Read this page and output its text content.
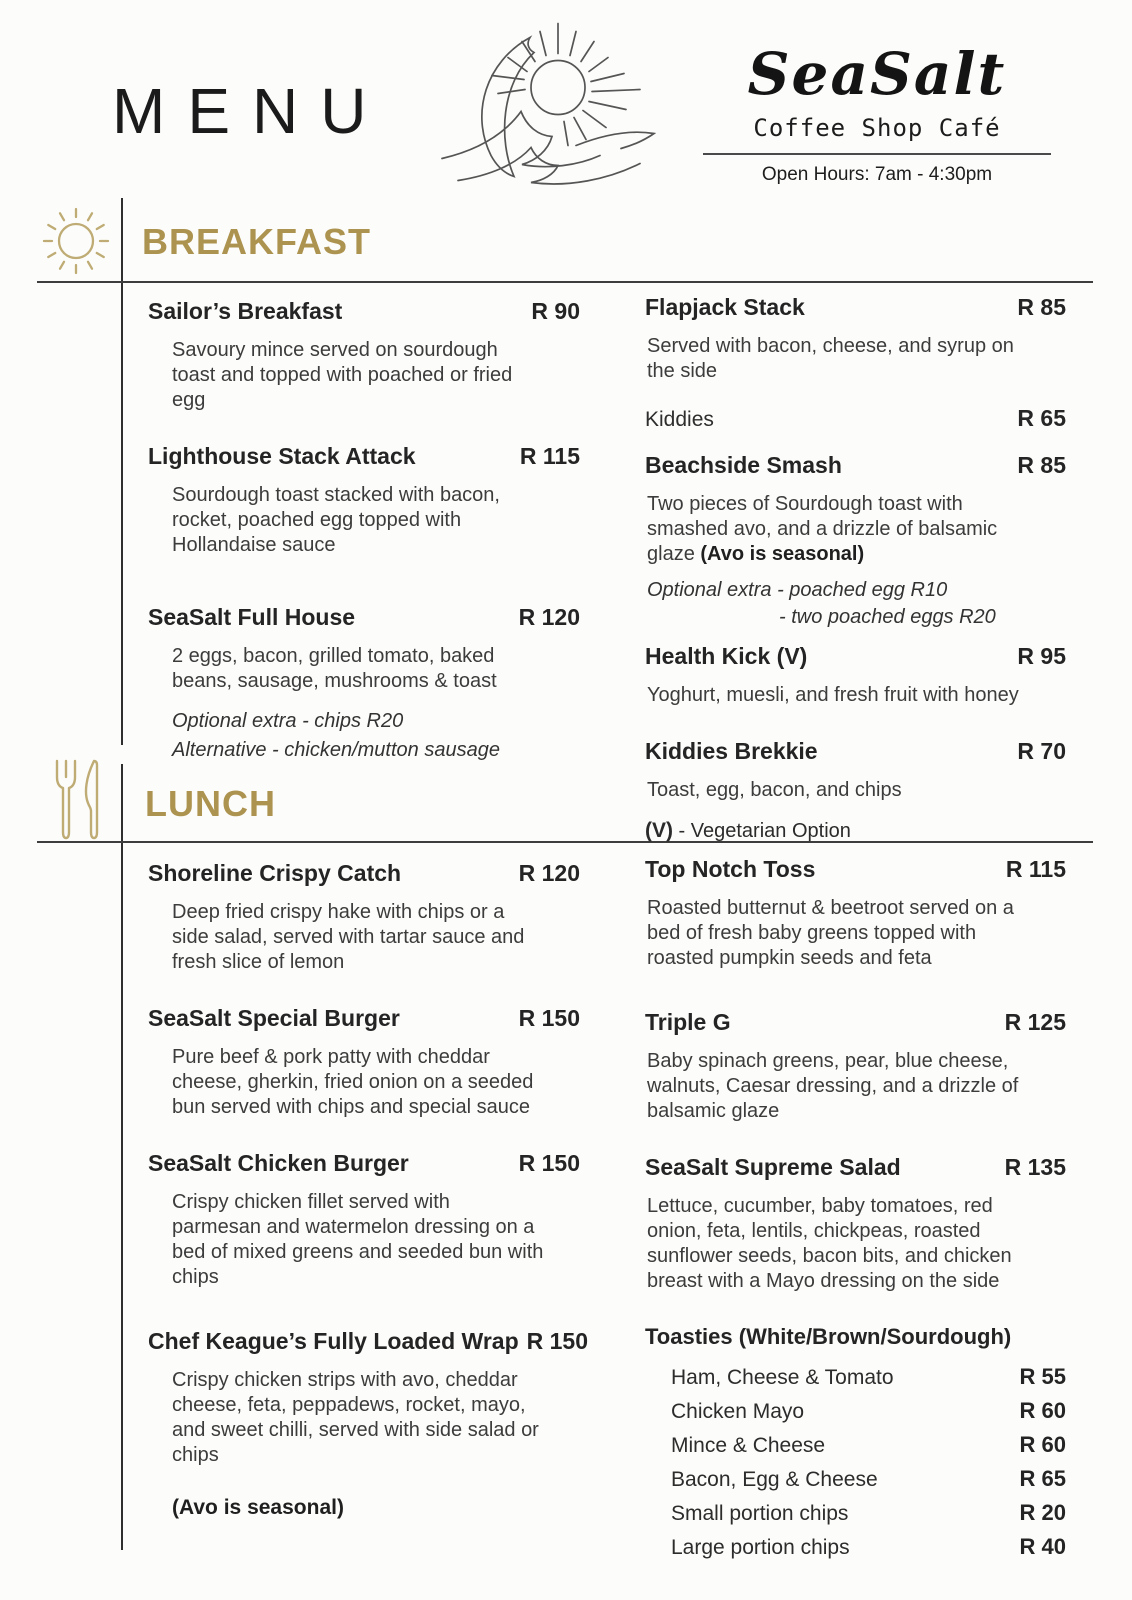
MENU
SeaSalt
Coffee Shop Café
Open Hours: 7am - 4:30pm
BREAKFAST
LUNCH
Sailor’s Breakfast	R 90

Savoury mince served on sourdough toast and topped with poached or fried egg

Lighthouse Stack Attack	R 115

Sourdough toast stacked with bacon, rocket, poached egg topped with Hollandaise sauce

SeaSalt Full House	R 120

2 eggs, bacon, grilled tomato, baked beans, sausage, mushrooms & toast

Optional extra - chips R20

Alternative - chicken/mutton sausage

Flapjack Stack	R 85

Served with bacon, cheese, and syrup on the side

Kiddies	R 65
Beachside Smash	R 85

Two pieces of Sourdough toast with smashed avo, and a drizzle of balsamic glaze (Avo is seasonal)

Optional extra - poached egg R10

- two poached eggs R20

Health Kick (V)	R 95

Yoghurt, muesli, and fresh fruit with honey

Kiddies Brekkie	R 70

Toast, egg, bacon, and chips

(V) - Vegetarian Option

Shoreline Crispy Catch	R 120

Deep fried crispy hake with chips or a side salad, served with tartar sauce and fresh slice of lemon

SeaSalt Special Burger	R 150

Pure beef & pork patty with cheddar cheese, gherkin, fried onion on a seeded bun served with chips and special sauce

SeaSalt Chicken Burger	R 150

Crispy chicken fillet served with parmesan and watermelon dressing on a bed of mixed greens and seeded bun with chips

Chef Keague’s Fully Loaded Wrap R 150

Crispy chicken strips with avo, cheddar cheese, feta, peppadews, rocket, mayo, and sweet chilli, served with side salad or chips

(Avo is seasonal)

Top Notch Toss	R 115

Roasted butternut & beetroot served on a bed of fresh baby greens topped with roasted pumpkin seeds and feta

Triple G	R 125

Baby spinach greens, pear, blue cheese, walnuts, Caesar dressing, and a drizzle of balsamic glaze

SeaSalt Supreme Salad	R 135

Lettuce, cucumber, baby tomatoes, red onion, feta, lentils, chickpeas, roasted sunflower seeds, bacon bits, and chicken breast with a Mayo dressing on the side

Toasties (White/Brown/Sourdough)
Ham, Cheese & Tomato	R 55
Chicken Mayo	R 60
Mince & Cheese	R 60
Bacon, Egg & Cheese	R 65
Small portion chips	R 20
Large portion chips	R 40
